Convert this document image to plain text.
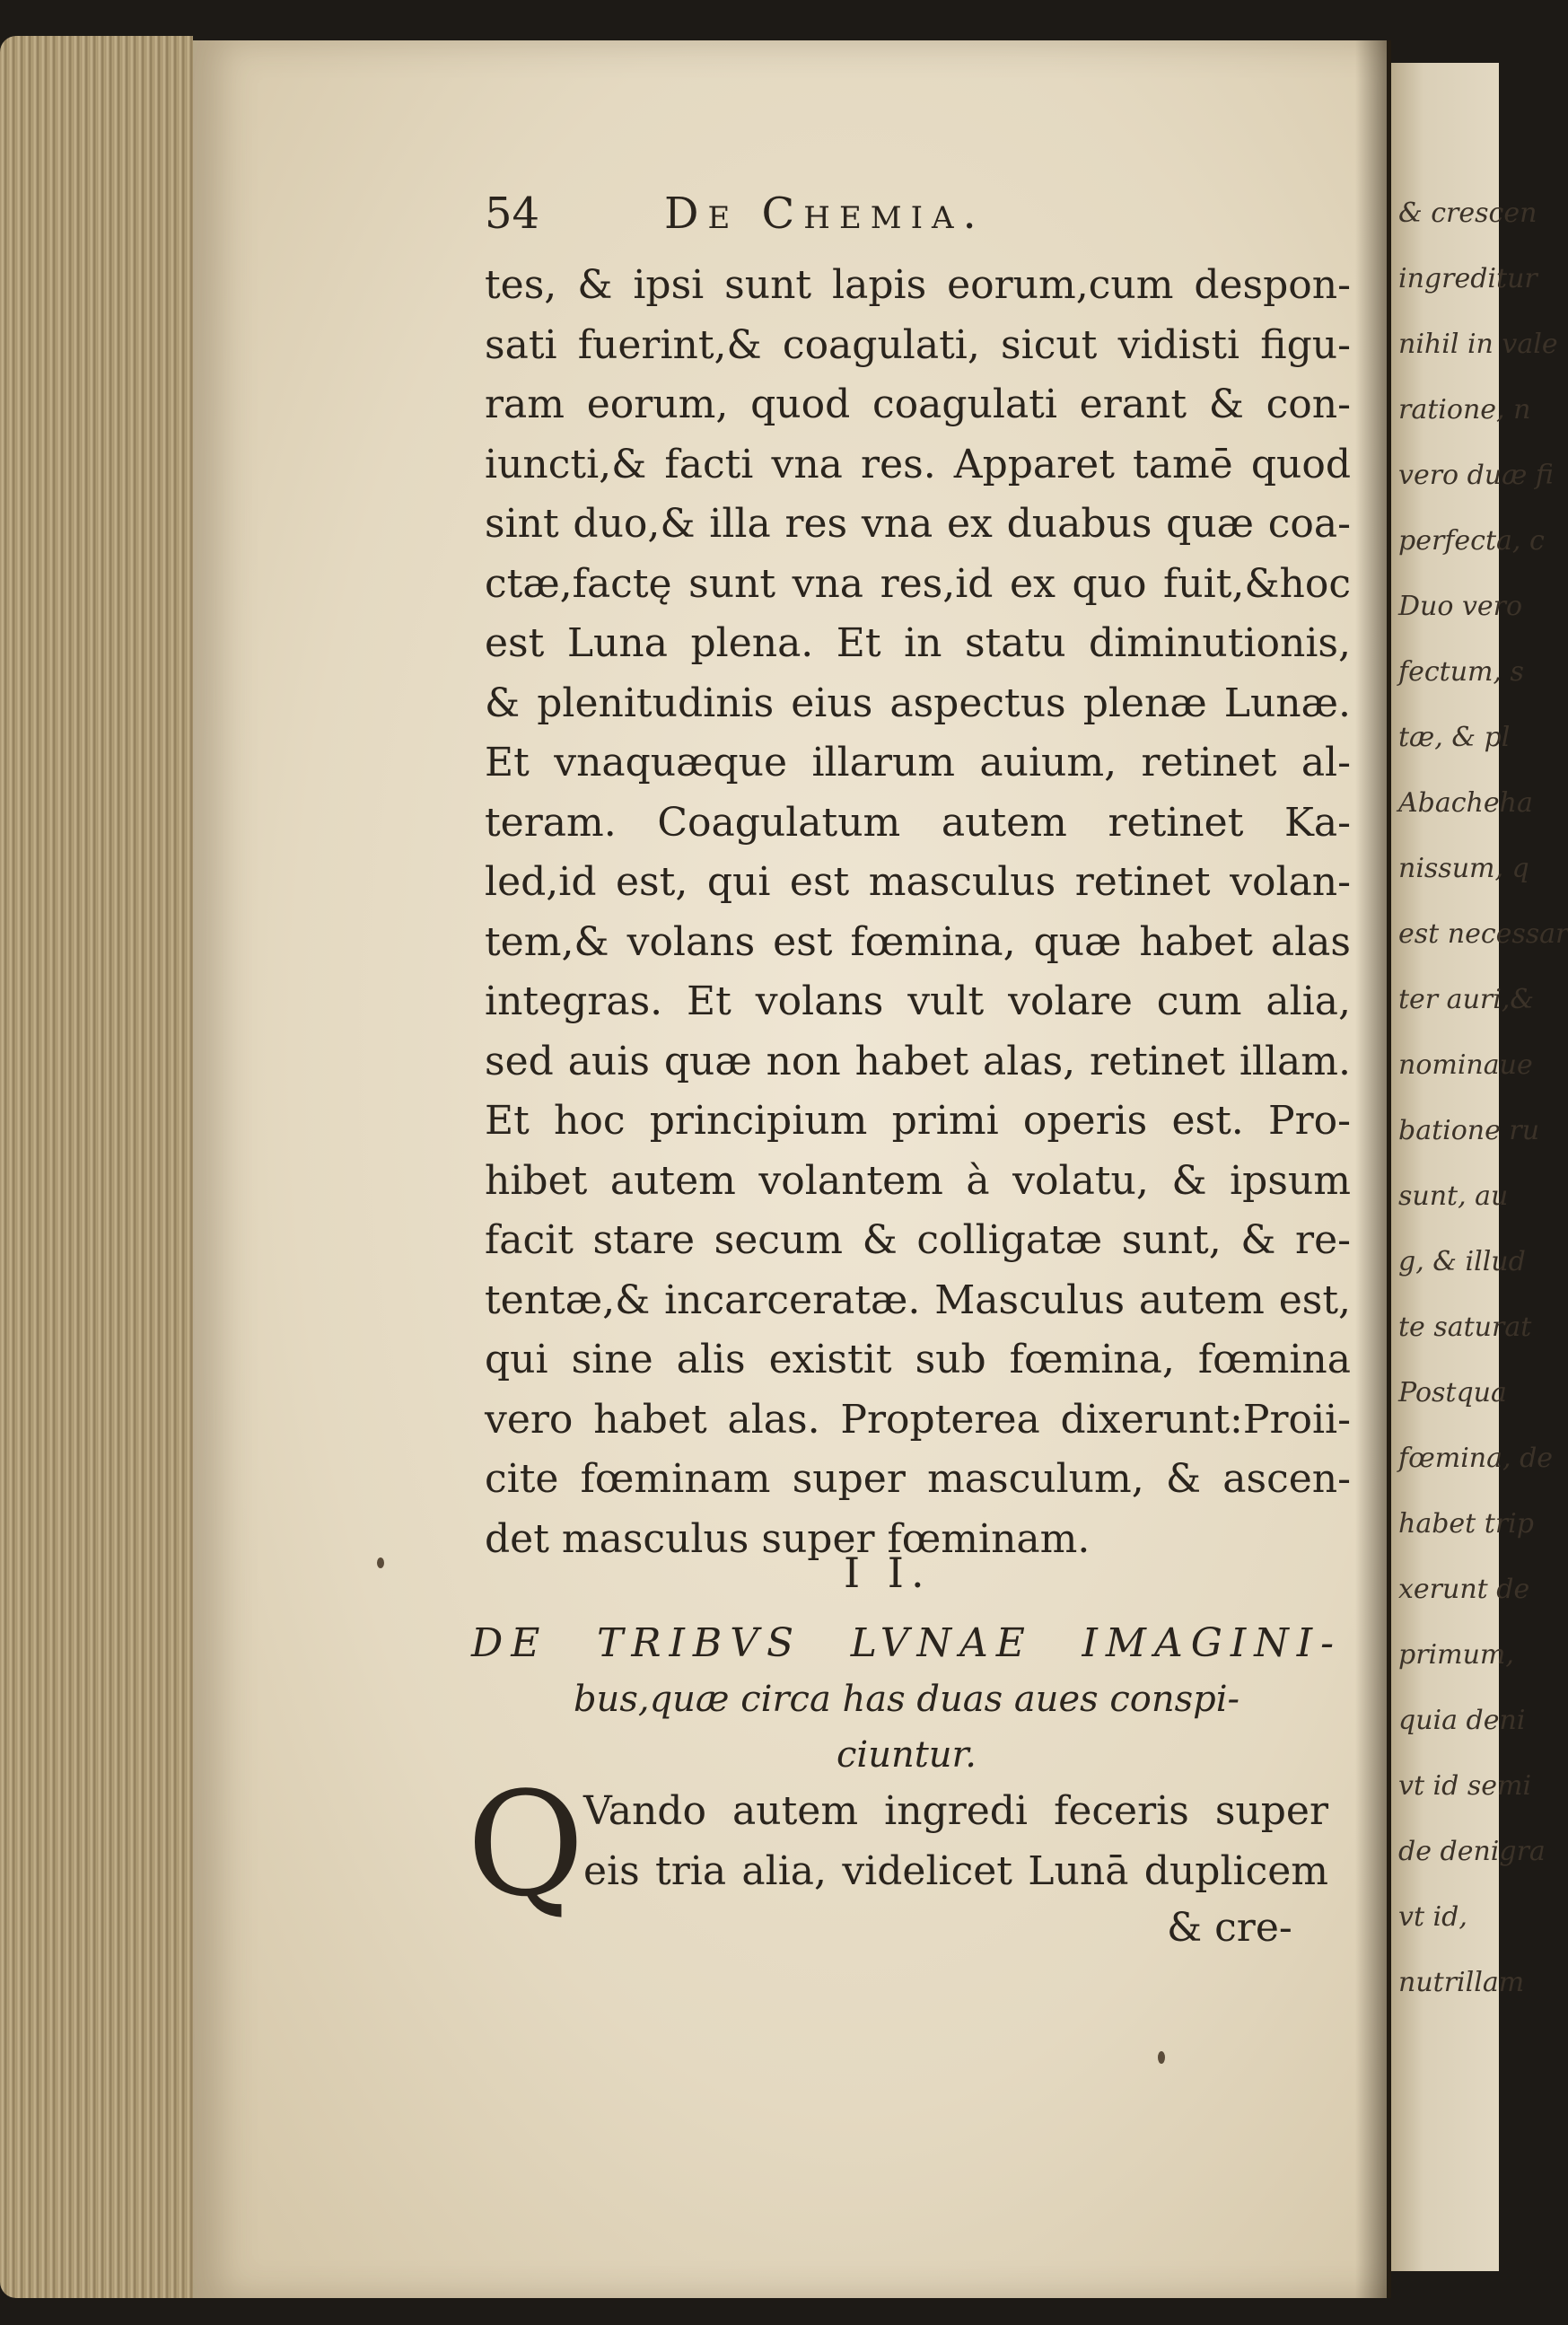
& crescen
ingreditur
nihil in vale
ratione, n
vero duæ fi
perfecta, c
Duo vero
fectum, s
tæ, & pl
Abacheha
nissum, q
est necessar
ter auri,&
nominaue
batione ru
sunt, au
g, & illud
te saturat
Postqua
fœmina, de
habet trip
xerunt de
primum,
quia deni
vt id semi
de denigra
vt id,
nutrillam
54	De Chemia.
tes, & ipsi sunt lapis eorum,cum despon-
sati fuerint,& coagulati, sicut vidisti figu-
ram eorum, quod coagulati erant & con-
iuncti,& facti vna res. Apparet tamē quod
sint duo,& illa res vna ex duabus quæ coa-
ctæ,factę sunt vna res,id ex quo fuit,&hoc
est Luna plena. Et in statu diminutionis,
& plenitudinis eius aspectus plenæ Lunæ.
Et vnaquæque illarum auium, retinet al-
teram. Coagulatum autem retinet Ka-
led,id est, qui est masculus retinet volan-
tem,& volans est fœmina, quæ habet alas
integras. Et volans vult volare cum alia,
sed auis quæ non habet alas, retinet illam.
Et hoc principium primi operis est. Pro-
hibet autem volantem à volatu, & ipsum
facit stare secum & colligatæ sunt, & re-
tentæ,& incarceratæ. Masculus autem est,
qui sine alis existit sub fœmina, fœmina
vero habet alas. Propterea dixerunt:Proii-
cite fœminam super masculum, & ascen-
det masculus super fœminam.
I I.
DE TRIBVS LVNAE IMAGINI-
bus,quæ circa has duas aues conspi-
ciuntur.
Q
Vando autem ingredi feceris super
eis tria alia, videlicet Lunā duplicem
& cre-
